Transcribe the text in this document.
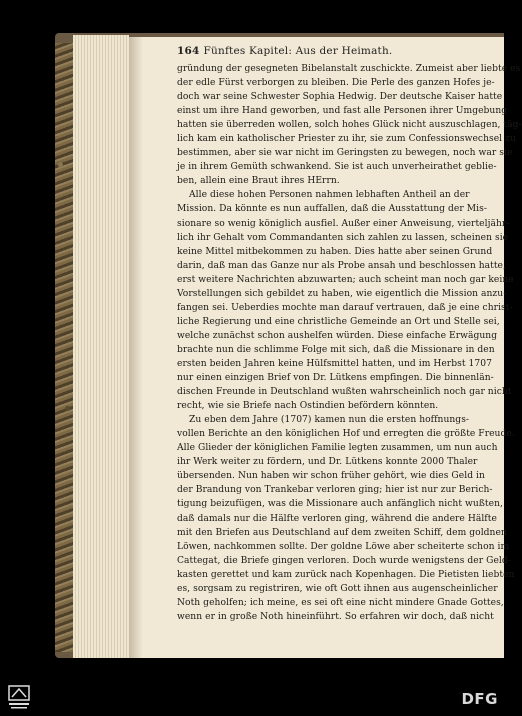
164 Fünftes Kapitel: Aus der Heimath.
gründung der gesegneten Bibelanstalt zuschickte. Zumeist aber liebte es
der edle Fürst verborgen zu bleiben. Die Perle des ganzen Hofes je-
doch war seine Schwester Sophia Hedwig. Der deutsche Kaiser hatte
einst um ihre Hand geworben, und fast alle Personen ihrer Umgebung
hatten sie überreden wollen, solch hohes Glück nicht auszuschlagen, täg-
lich kam ein katholischer Priester zu ihr, sie zum Confessionswechsel zu
bestimmen, aber sie war nicht im Geringsten zu bewegen, noch war sie
je in ihrem Gemüth schwankend. Sie ist auch unverheirathet geblie-
ben, allein eine Braut ihres HErrn.
Alle diese hohen Personen nahmen lebhaften Antheil an der
Mission. Da könnte es nun auffallen, daß die Ausstattung der Mis-
sionare so wenig königlich ausfiel. Außer einer Anweisung, vierteljähr-
lich ihr Gehalt vom Commandanten sich zahlen zu lassen, scheinen sie
keine Mittel mitbekommen zu haben. Dies hatte aber seinen Grund
darin, daß man das Ganze nur als Probe ansah und beschlossen hatte,
erst weitere Nachrichten abzuwarten; auch scheint man noch gar keine
Vorstellungen sich gebildet zu haben, wie eigentlich die Mission anzu-
fangen sei. Ueberdies mochte man darauf vertrauen, daß je eine christ-
liche Regierung und eine christliche Gemeinde an Ort und Stelle sei,
welche zunächst schon aushelfen würden. Diese einfache Erwägung
brachte nun die schlimme Folge mit sich, daß die Missionare in den
ersten beiden Jahren keine Hülfsmittel hatten, und im Herbst 1707
nur einen einzigen Brief von Dr. Lütkens empfingen. Die binnenlän-
dischen Freunde in Deutschland wußten wahrscheinlich noch gar nicht
recht, wie sie Briefe nach Ostindien befördern könnten.
Zu eben dem Jahre (1707) kamen nun die ersten hoffnungs-
vollen Berichte an den königlichen Hof und erregten die größte Freude.
Alle Glieder der königlichen Familie legten zusammen, um nun auch
ihr Werk weiter zu fördern, und Dr. Lütkens konnte 2000 Thaler
übersenden. Nun haben wir schon früher gehört, wie dies Geld in
der Brandung von Trankebar verloren ging; hier ist nur zur Berich-
tigung beizufügen, was die Missionare auch anfänglich nicht wußten,
daß damals nur die Hälfte verloren ging, während die andere Hälfte
mit den Briefen aus Deutschland auf dem zweiten Schiff, dem goldnen
Löwen, nachkommen sollte. Der goldne Löwe aber scheiterte schon im
Cattegat, die Briefe gingen verloren. Doch wurde wenigstens der Geld-
kasten gerettet und kam zurück nach Kopenhagen. Die Pietisten liebten
es, sorgsam zu registriren, wie oft Gott ihnen aus augenscheinlicher
Noth geholfen; ich meine, es sei oft eine nicht mindere Gnade Gottes,
wenn er in große Noth hineinführt. So erfahren wir doch, daß nicht
DFG
